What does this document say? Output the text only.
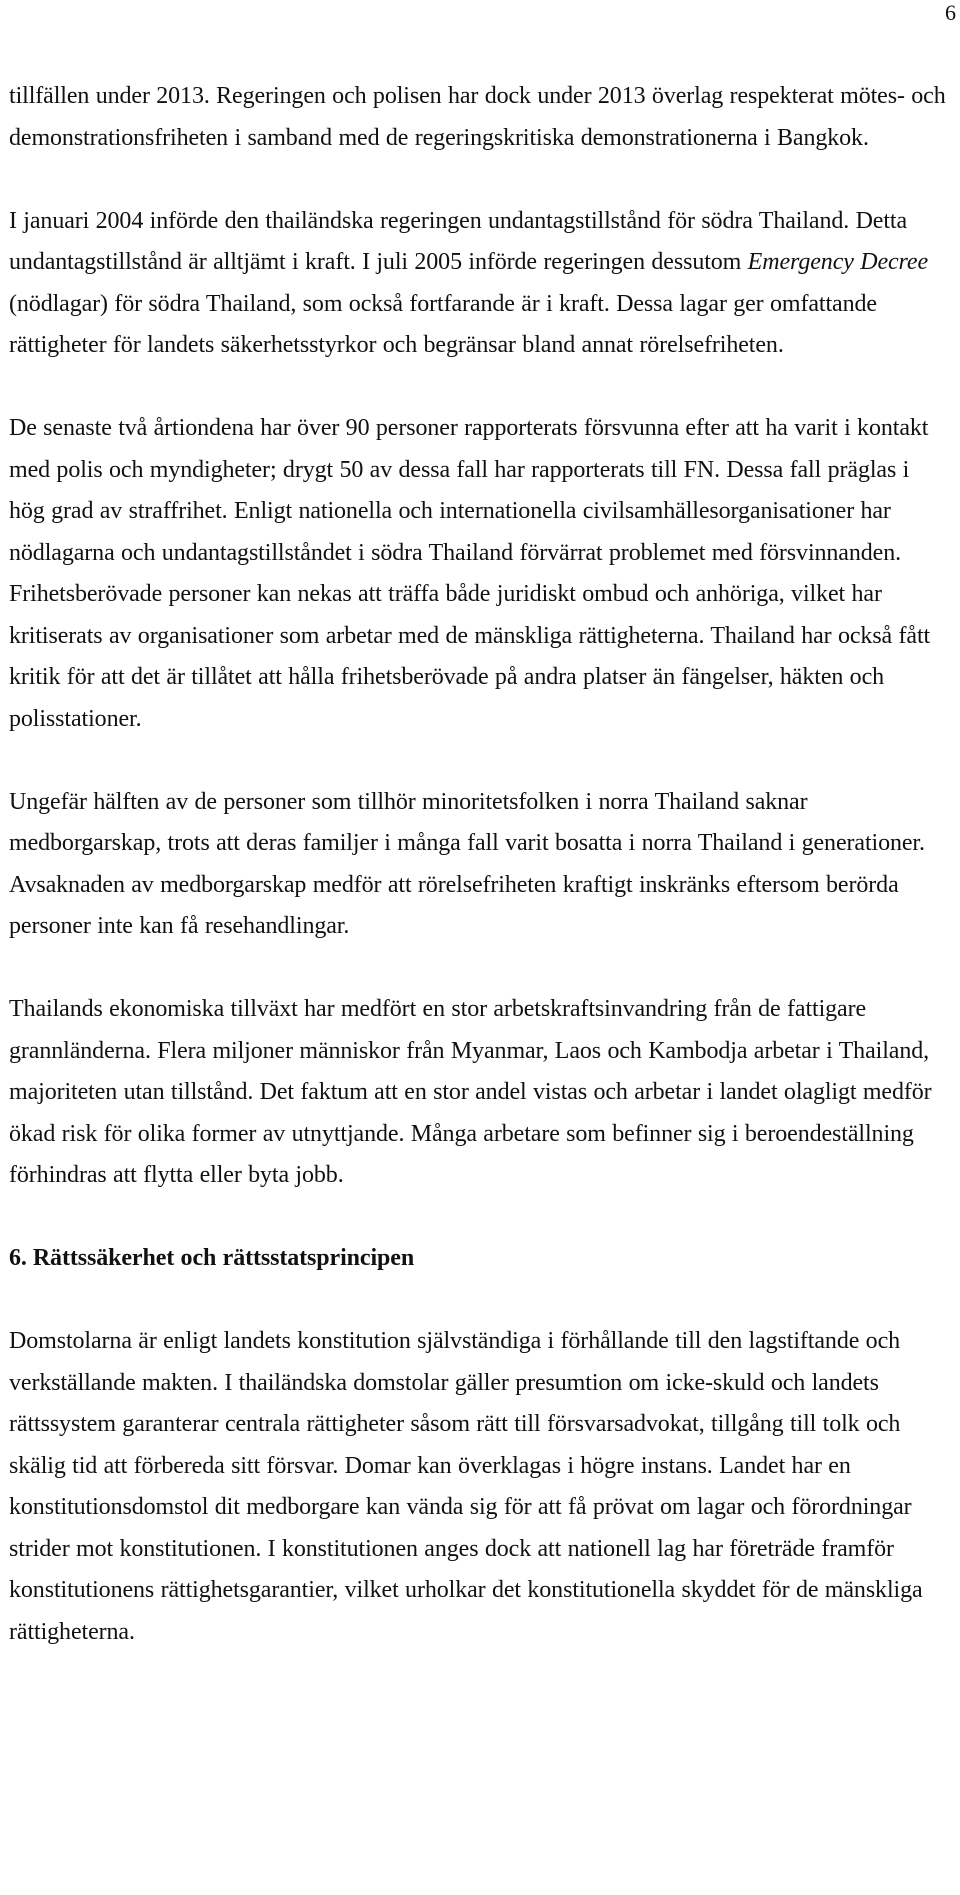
6

tillfällen under 2013. Regeringen och polisen har dock under 2013 överlag respekterat mötes- och demonstrationsfriheten i samband med de regeringskritiska demonstrationerna i Bangkok.

I januari 2004 införde den thailändska regeringen undantagstillstånd för södra Thailand. Detta undantagstillstånd är alltjämt i kraft. I juli 2005 införde regeringen dessutom Emergency Decree (nödlagar) för södra Thailand, som också fortfarande är i kraft. Dessa lagar ger omfattande rättigheter för landets säkerhetsstyrkor och begränsar bland annat rörelsefriheten.

De senaste två årtiondena har över 90 personer rapporterats försvunna efter att ha varit i kontakt med polis och myndigheter; drygt 50 av dessa fall har rapporterats till FN. Dessa fall präglas i hög grad av straffrihet. Enligt nationella och internationella civilsamhällesorganisationer har nödlagarna och undantagstillståndet i södra Thailand förvärrat problemet med försvinnanden. Frihetsberövade personer kan nekas att träffa både juridiskt ombud och anhöriga, vilket har kritiserats av organisationer som arbetar med de mänskliga rättigheterna. Thailand har också fått kritik för att det är tillåtet att hålla frihetsberövade på andra platser än fängelser, häkten och polisstationer.

Ungefär hälften av de personer som tillhör minoritetsfolken i norra Thailand saknar medborgarskap, trots att deras familjer i många fall varit bosatta i norra Thailand i generationer. Avsaknaden av medborgarskap medför att rörelsefriheten kraftigt inskränks eftersom berörda personer inte kan få resehandlingar.

Thailands ekonomiska tillväxt har medfört en stor arbetskraftsinvandring från de fattigare grannländerna. Flera miljoner människor från Myanmar, Laos och Kambodja arbetar i Thailand, majoriteten utan tillstånd. Det faktum att en stor andel vistas och arbetar i landet olagligt medför ökad risk för olika former av utnyttjande. Många arbetare som befinner sig i beroendeställning förhindras att flytta eller byta jobb.

6. Rättssäkerhet och rättsstatsprincipen

Domstolarna är enligt landets konstitution självständiga i förhållande till den lagstiftande och verkställande makten. I thailändska domstolar gäller presumtion om icke-skuld och landets rättssystem garanterar centrala rättigheter såsom rätt till försvarsadvokat, tillgång till tolk och skälig tid att förbereda sitt försvar. Domar kan överklagas i högre instans. Landet har en konstitutionsdomstol dit medborgare kan vända sig för att få prövat om lagar och förordningar strider mot konstitutionen. I konstitutionen anges dock att nationell lag har företräde framför konstitutionens rättighetsgarantier, vilket urholkar det konstitutionella skyddet för de mänskliga rättigheterna.
